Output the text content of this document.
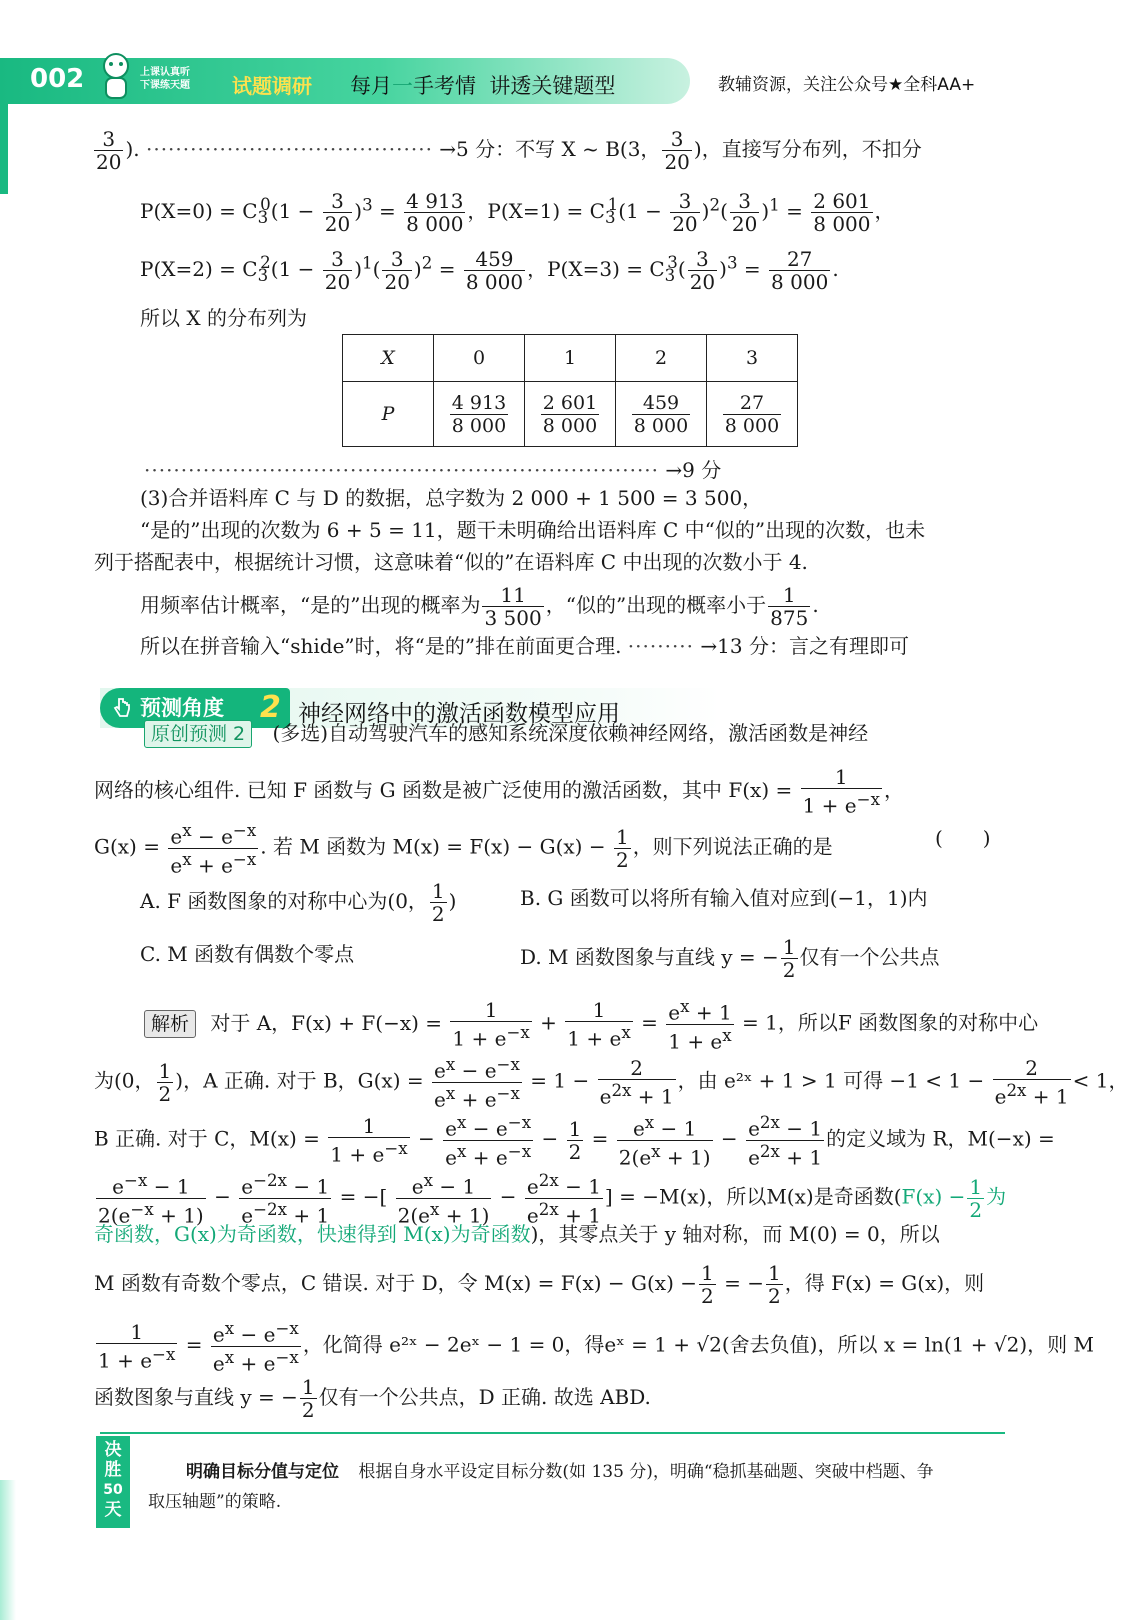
002	上课认真听
下课练天题 试题调研 每月一手考情 讲透关键题型	教辅资源，关注公众号★全科AA+
$\frac{3}{20}$ ). ······································· →5 分：不写 X ~ B(3， $\frac{3}{20}$ )，直接写分布列，不扣分
$P(X=0) = C_3^0(1 - \frac{3}{20} )^3 = \frac{4 913}{8 000}$ ，$P(X=1) = C_3^1(1 - \frac{3}{20} )^2( \frac{3}{20} )^1 = \frac{2 601}{8 000}$ ，
$P(X=2) = C_3^2(1 - \frac{3}{20} )^1( \frac{3}{20} )^2 = \frac{459}{8 000}$ ，$P(X=3) = C_3^3( \frac{3}{20} )^3 = \frac{27}{8 000}$ .
所以 X 的分布列为
X	0	1	2	3
P	$\frac{4 913}{8 000}$	$\frac{2 601}{8 000}$	$\frac{459}{8 000}$	$\frac{27}{8 000}$
······································································ →9 分
(3)合并语料库 C 与 D 的数据，总字数为 2 000 + 1 500 = 3 500，
“是的”出现的次数为 6 + 5 = 11，题干未明确给出语料库 C 中“似的”出现的次数，也未
列于搭配表中，根据统计习惯，这意味着“似的”在语料库 C 中出现的次数小于 4.
用频率估计概率，“是的”出现的概率为 $\frac{11}{3 500}$ ，“似的”出现的概率小于 $\frac{1}{875}$ .
所以在拼音输入“shide”时，将“是的”排在前面更合理. ········· →13 分：言之有理即可
预测角度 2 神经网络中的激活函数模型应用
原创预测 2 (多选)自动驾驶汽车的感知系统深度依赖神经网络，激活函数是神经
网络的核心组件. 已知 F 函数与 G 函数是被广泛使用的激活函数，其中 $F(x) = \frac{1}{1 + e^{-x}}$ ，
$G(x) = \frac{e^x - e^{-x}}{e^x + e^{-x}}$ . 若 M 函数为 $M(x) = F(x) - G(x) - \frac{1}{2}$ ，则下列说法正确的是	(　　)
A. F 函数图象的对称中心为(0， $\frac{1}{2}$ )	B. G 函数可以将所有输入值对应到(−1，1)内
C. M 函数有偶数个零点	D. M 函数图象与直线 y = − $\frac{1}{2}$ 仅有一个公共点
解析 对于 A，$F(x) + F(-x) = \frac{1}{1 + e^{-x}} + \frac{1}{1 + e^x} = \frac{e^x + 1}{1 + e^x} = 1$，所以F 函数图象的对称中心
为(0， $\frac{1}{2}$ )，A 正确. 对于 B，$G(x) = \frac{e^x - e^{-x}}{e^x + e^{-x}} = 1 - \frac{2}{e^{2x} + 1}$ ，由 e²ˣ + 1 > 1 可得 $-1 < 1 - \frac{2}{e^{2x} + 1} < 1$，
B 正确. 对于 C，$M(x) = \frac{1}{1 + e^{-x}} - \frac{e^x - e^{-x}}{e^x + e^{-x}} - \frac{1}{2} = \frac{e^x - 1}{2(e^x + 1)} - \frac{e^{2x} - 1}{e^{2x} + 1}$ 的定义域为 R，M(−x) =
$\frac{e^{-x} - 1}{2(e^{-x} + 1)} - \frac{e^{-2x} - 1}{e^{-2x} + 1}$ = −[ $\frac{e^x - 1}{2(e^x + 1)} - \frac{e^{2x} - 1}{e^{2x} + 1}$ ] = −M(x)，所以M(x)是奇函数($F(x) - \frac{1}{2}$ 为
奇函数，G(x)为奇函数，快速得到 M(x)为奇函数)，其零点关于 y 轴对称，而 M(0) = 0，所以
M 函数有奇数个零点，C 错误. 对于 D，令 $M(x) = F(x) - G(x) - \frac{1}{2}$ = − $\frac{1}{2}$ ，得 F(x) = G(x)，则
$\frac{1}{1 + e^{-x}} = \frac{e^x - e^{-x}}{e^x + e^{-x}}$ ，化简得 e²ˣ − 2eˣ − 1 = 0，得eˣ = 1 + √2(舍去负值)，所以 x = ln(1 + √2)，则 M
函数图象与直线 y = − $\frac{1}{2}$ 仅有一个公共点，D 正确. 故选 ABD.
决
胜
50
天
明确目标分值与定位 根据自身水平设定目标分数(如 135 分)，明确“稳抓基础题、突破中档题、争
取压轴题”的策略.
